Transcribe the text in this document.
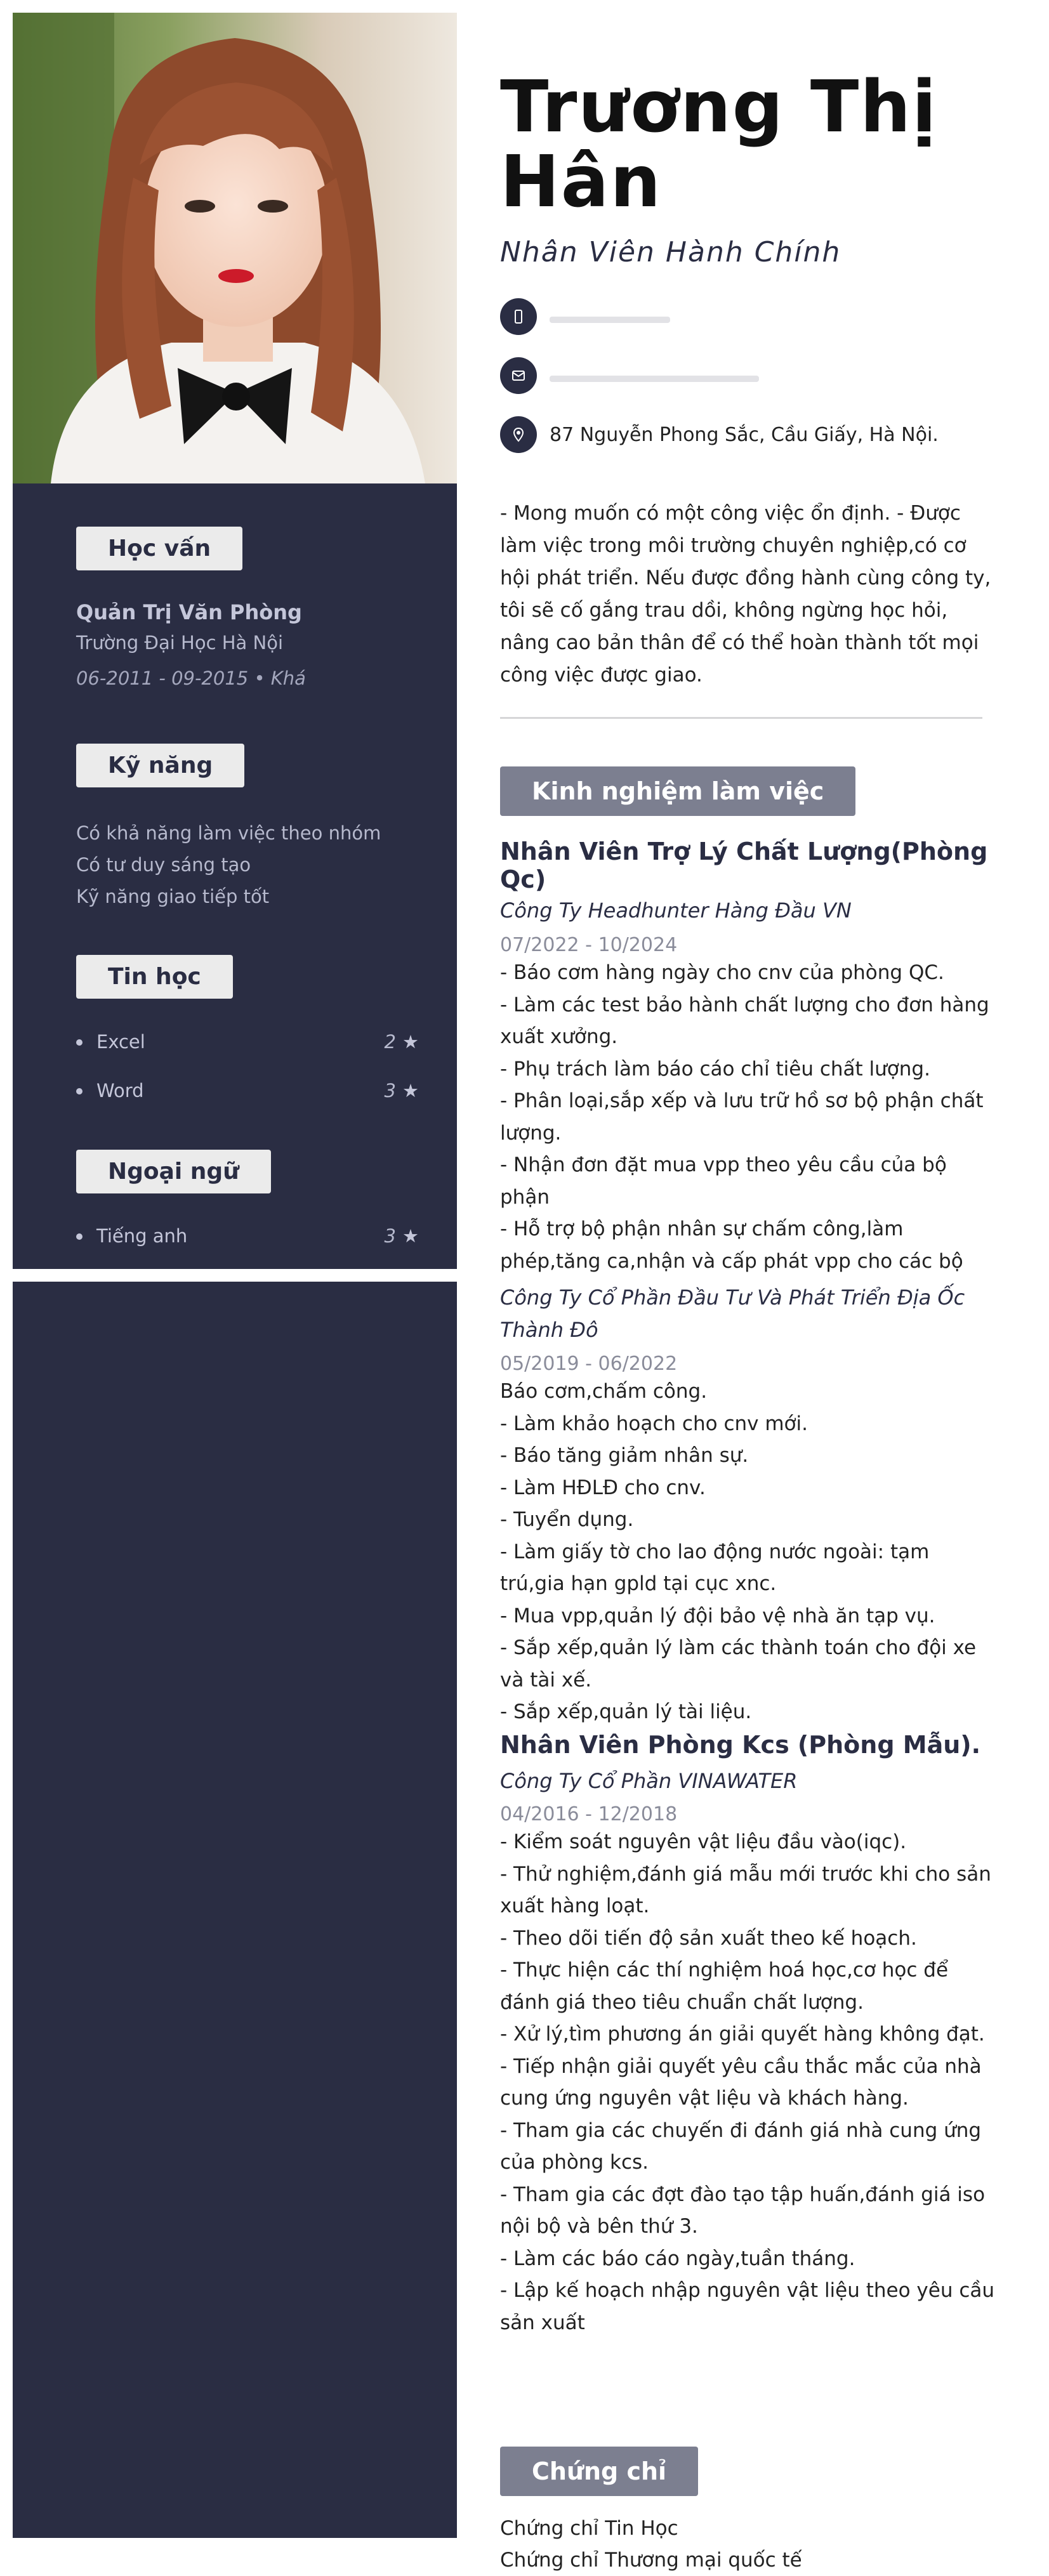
Học vấn
Quản Trị Văn Phòng
Trường Đại Học Hà Nội
06-2011 - 09-2015 • Khá
Kỹ năng
Có khả năng làm việc theo nhóm
Có tư duy sáng tạo
Kỹ năng giao tiếp tốt
Tin học
Excel	2 ★
Word	3 ★
Ngoại ngữ
Tiếng anh	3 ★
Trương Thị Hân
Nhân Viên Hành Chính
87 Nguyễn Phong Sắc, Cầu Giấy, Hà Nội.
- Mong muốn có một công việc ổn định. - Được làm việc trong môi trường chuyên nghiệp,có cơ hội phát triển. Nếu được đồng hành cùng công ty, tôi sẽ cố gắng trau dồi, không ngừng học hỏi, nâng cao bản thân để có thể hoàn thành tốt mọi công việc được giao.
Kinh nghiệm làm việc
Nhân Viên Trợ Lý Chất Lượng(Phòng Qc)
Công Ty Headhunter Hàng Đầu VN
07/2022 - 10/2024
- Báo cơm hàng ngày cho cnv của phòng QC.
- Làm các test bảo hành chất lượng cho đơn hàng xuất xưởng.
- Phụ trách làm báo cáo chỉ tiêu chất lượng.
- Phân loại,sắp xếp và lưu trữ hồ sơ bộ phận chất lượng.
- Nhận đơn đặt mua vpp theo yêu cầu của bộ phận
- Hỗ trợ bộ phận nhân sự chấm công,làm phép,tăng ca,nhận và cấp phát vpp cho các bộ
Công Ty Cổ Phần Đầu Tư Và Phát Triển Địa Ốc Thành Đô
05/2019 - 06/2022
Báo cơm,chấm công.
- Làm khảo hoạch cho cnv mới.
- Báo tăng giảm nhân sự.
- Làm HĐLĐ cho cnv.
- Tuyển dụng.
- Làm giấy tờ cho lao động nước ngoài: tạm trú,gia hạn gpld tại cục xnc.
- Mua vpp,quản lý đội bảo vệ nhà ăn tạp vụ.
- Sắp xếp,quản lý làm các thành toán cho đội xe và tài xế.
- Sắp xếp,quản lý tài liệu.
Nhân Viên Phòng Kcs (Phòng Mẫu).
Công Ty Cổ Phần VINAWATER
04/2016 - 12/2018
- Kiểm soát nguyên vật liệu đầu vào(iqc).
- Thử nghiệm,đánh giá mẫu mới trước khi cho sản xuất hàng loạt.
- Theo dõi tiến độ sản xuất theo kế hoạch.
- Thực hiện các thí nghiệm hoá học,cơ học để đánh giá theo tiêu chuẩn chất lượng.
- Xử lý,tìm phương án giải quyết hàng không đạt.
- Tiếp nhận giải quyết yêu cầu thắc mắc của nhà cung ứng nguyên vật liệu và khách hàng.
- Tham gia các chuyến đi đánh giá nhà cung ứng của phòng kcs.
- Tham gia các đợt đào tạo tập huấn,đánh giá iso nội bộ và bên thứ 3.
- Làm các báo cáo ngày,tuần tháng.
- Lập kế hoạch nhập nguyên vật liệu theo yêu cầu sản xuất
Chứng chỉ
Chứng chỉ Tin Học
Chứng chỉ Thương mại quốc tế
